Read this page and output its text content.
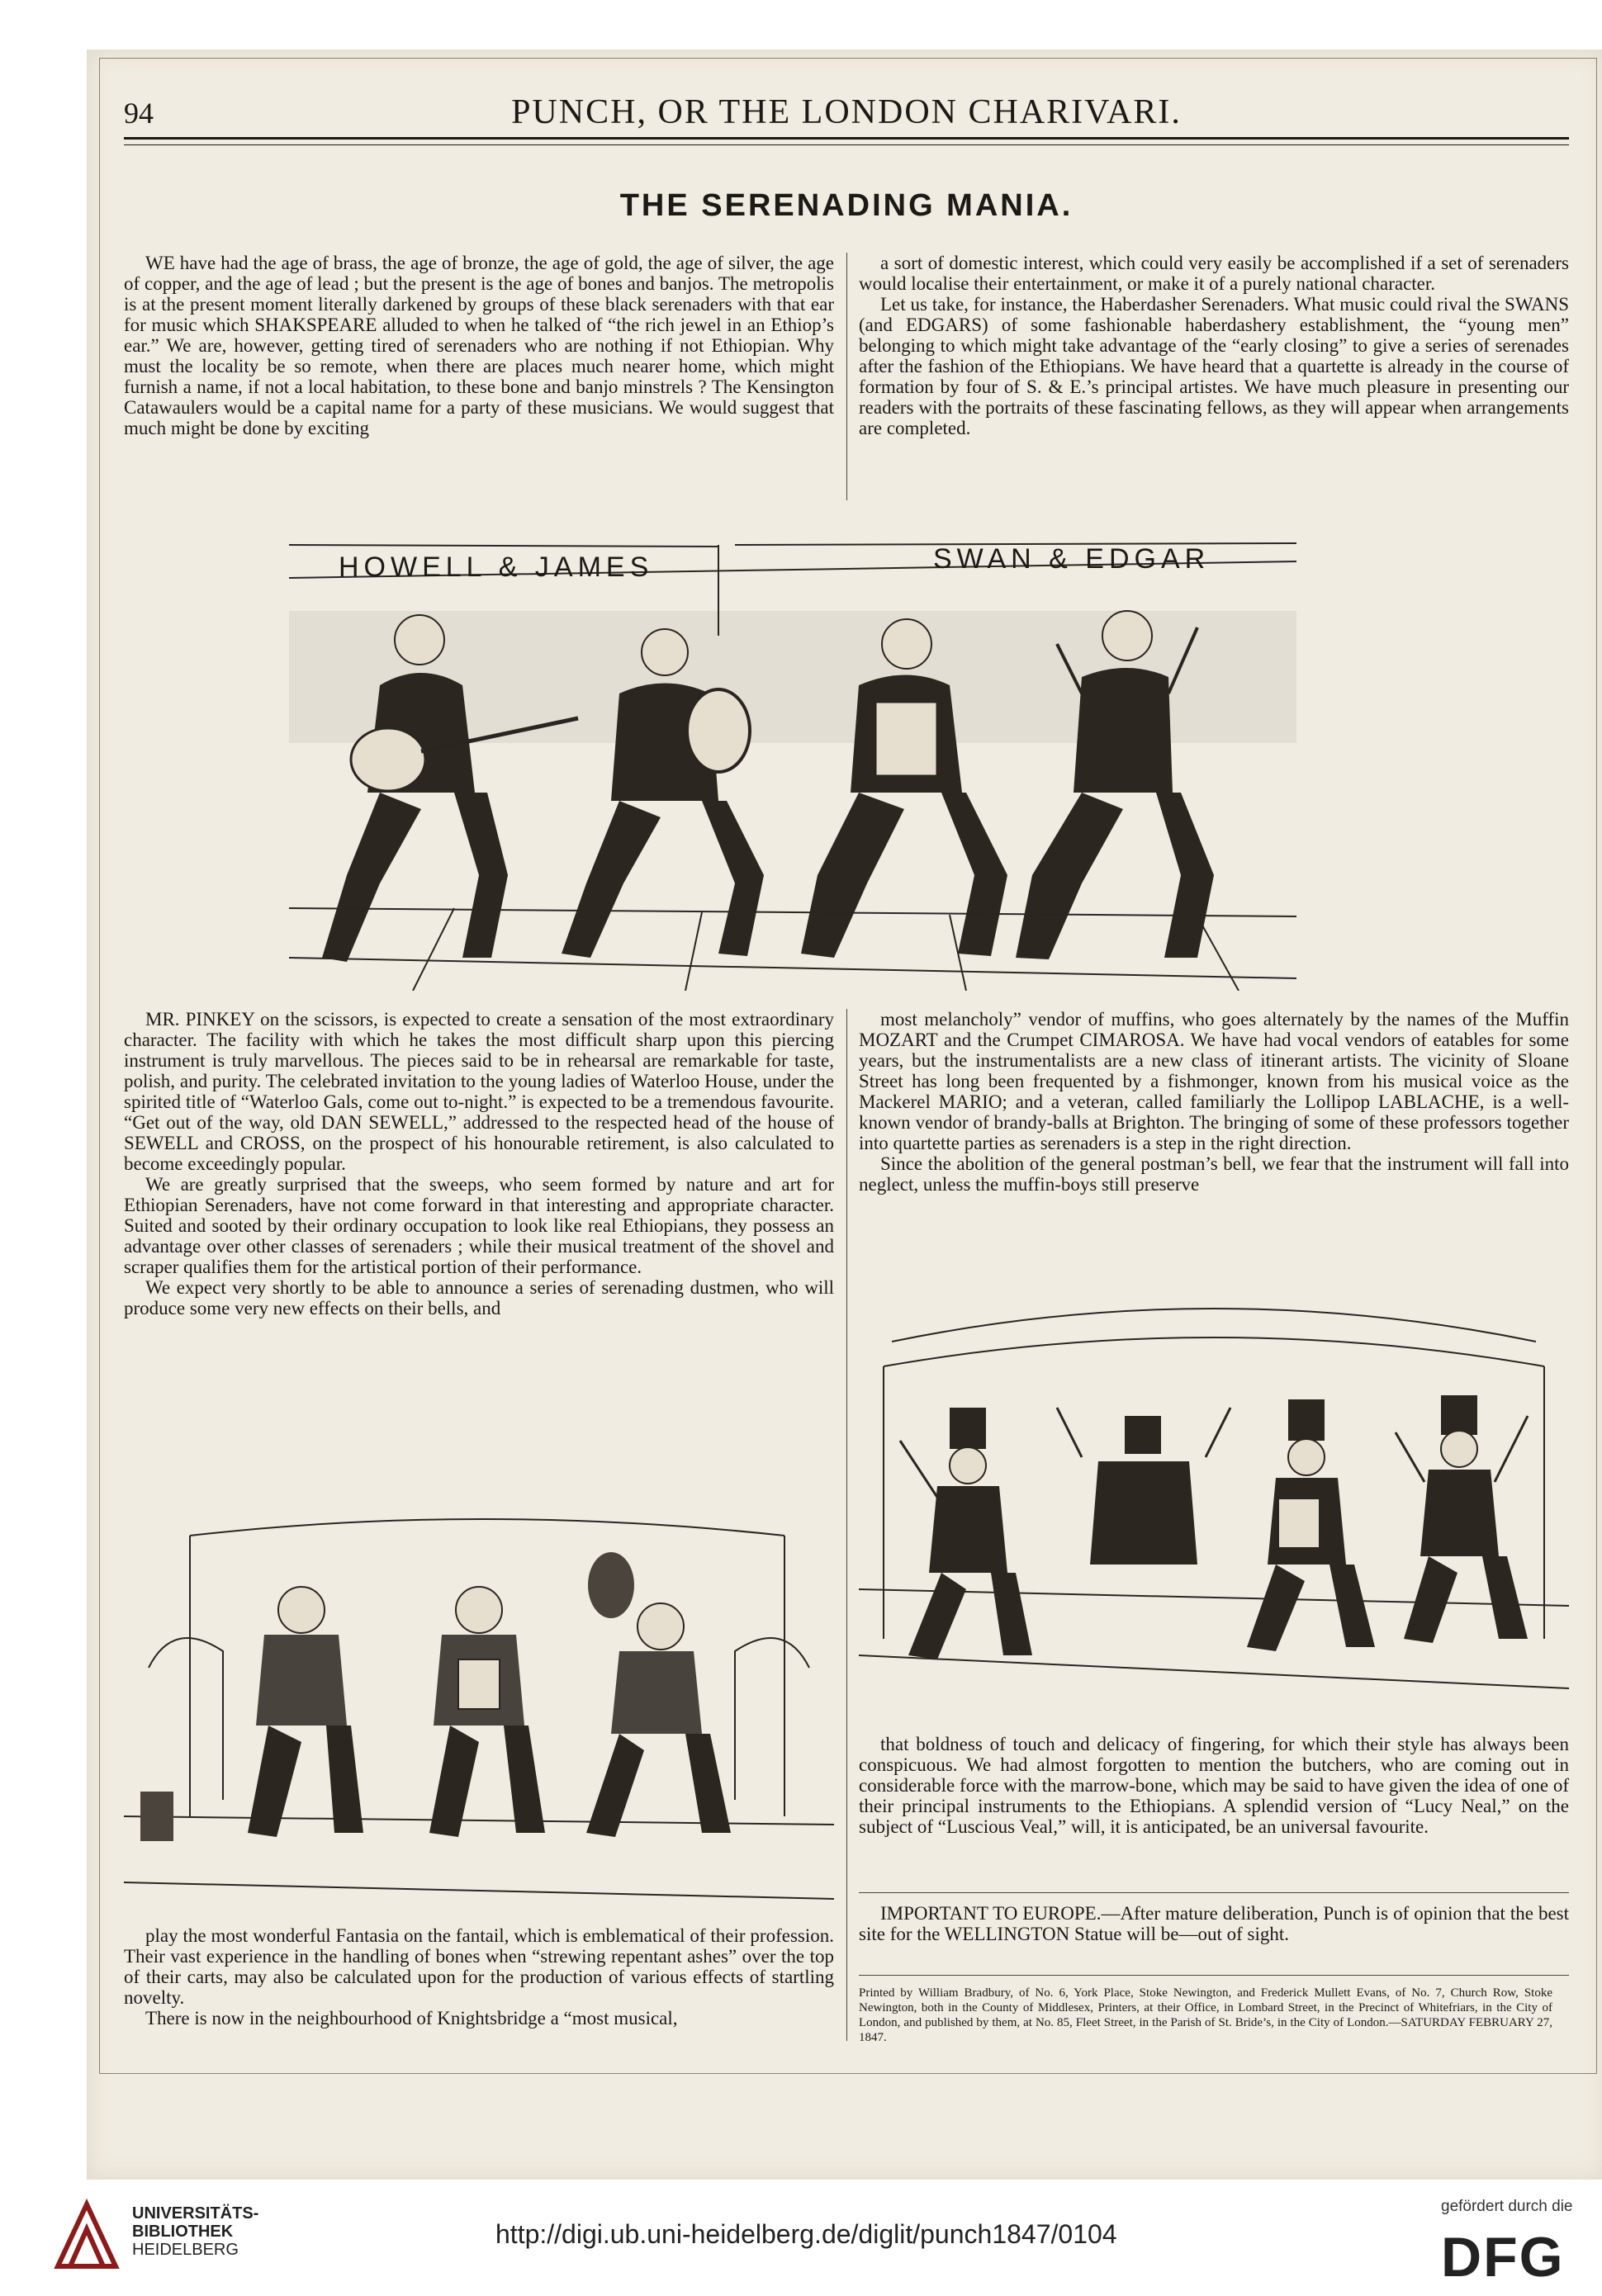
94	PUNCH, OR THE LONDON CHARIVARI.
THE SERENADING MANIA.

WE have had the age of brass, the age of bronze, the age of gold, the age of silver, the age of copper, and the age of lead ; but the present is the age of bones and banjos. The metropolis is at the present moment literally darkened by groups of these black serenaders with that ear for music which SHAKSPEARE alluded to when he talked of “the rich jewel in an Ethiop’s ear.” We are, however, getting tired of serenaders who are nothing if not Ethiopian. Why must the locality be so remote, when there are places much nearer home, which might furnish a name, if not a local habitation, to these bone and banjo minstrels ? The Kensington Catawaulers would be a capital name for a party of these musicians. We would suggest that much might be done by exciting

a sort of domestic interest, which could very easily be accomplished if a set of serenaders would localise their entertainment, or make it of a purely national character.

Let us take, for instance, the Haberdasher Serenaders. What music could rival the SWANS (and EDGARS) of some fashionable haberdashery establishment, the “young men” belonging to which might take advantage of the “early closing” to give a series of serenades after the fashion of the Ethiopians. We have heard that a quartette is already in the course of formation by four of S. & E.’s principal artistes. We have much pleasure in presenting our readers with the portraits of these fascinating fellows, as they will appear when arrangements are completed.

HOWELL & JAMES	SWAN & EDGAR

MR. PINKEY on the scissors, is expected to create a sensation of the most extraordinary character. The facility with which he takes the most difficult sharp upon this piercing instrument is truly marvellous. The pieces said to be in rehearsal are remarkable for taste, polish, and purity. The celebrated invitation to the young ladies of Waterloo House, under the spirited title of “Waterloo Gals, come out to-night.” is expected to be a tremendous favourite. “Get out of the way, old DAN SEWELL,” addressed to the respected head of the house of SEWELL and CROSS, on the prospect of his honourable retirement, is also calculated to become exceedingly popular.

We are greatly surprised that the sweeps, who seem formed by nature and art for Ethiopian Serenaders, have not come forward in that interesting and appropriate character. Suited and sooted by their ordinary occupation to look like real Ethiopians, they possess an advantage over other classes of serenaders ; while their musical treatment of the shovel and scraper qualifies them for the artistical portion of their performance.

We expect very shortly to be able to announce a series of serenading dustmen, who will produce some very new effects on their bells, and

most melancholy” vendor of muffins, who goes alternately by the names of the Muffin MOZART and the Crumpet CIMAROSA. We have had vocal vendors of eatables for some years, but the instrumentalists are a new class of itinerant artists. The vicinity of Sloane Street has long been frequented by a fishmonger, known from his musical voice as the Mackerel MARIO; and a veteran, called familiarly the Lollipop LABLACHE, is a well-known vendor of brandy-balls at Brighton. The bringing of some of these professors together into quartette parties as serenaders is a step in the right direction.

Since the abolition of the general postman’s bell, we fear that the instrument will fall into neglect, unless the muffin-boys still preserve

play the most wonderful Fantasia on the fantail, which is emblematical of their profession. Their vast experience in the handling of bones when “strewing repentant ashes” over the top of their carts, may also be calculated upon for the production of various effects of startling novelty.

There is now in the neighbourhood of Knightsbridge a “most musical,

that boldness of touch and delicacy of fingering, for which their style has always been conspicuous. We had almost forgotten to mention the butchers, who are coming out in considerable force with the marrow-bone, which may be said to have given the idea of one of their principal instruments to the Ethiopians. A splendid version of “Lucy Neal,” on the subject of “Luscious Veal,” will, it is anticipated, be an universal favourite.

IMPORTANT TO EUROPE.—After mature deliberation, Punch is of opinion that the best site for the WELLINGTON Statue will be—out of sight.

Printed by William Bradbury, of No. 6, York Place, Stoke Newington, and Frederick Mullett Evans, of No. 7, Church Row, Stoke Newington, both in the County of Middlesex, Printers, at their Office, in Lombard Street, in the Precinct of Whitefriars, in the City of London, and published by them, at No. 85, Fleet Street, in the Parish of St. Bride’s, in the City of London.—SATURDAY FEBRUARY 27, 1847.
UNIVERSITÄTS-
BIBLIOTHEK
HEIDELBERG
http://digi.ub.uni-heidelberg.de/diglit/punch1847/0104
gefördert durch die
DFG
